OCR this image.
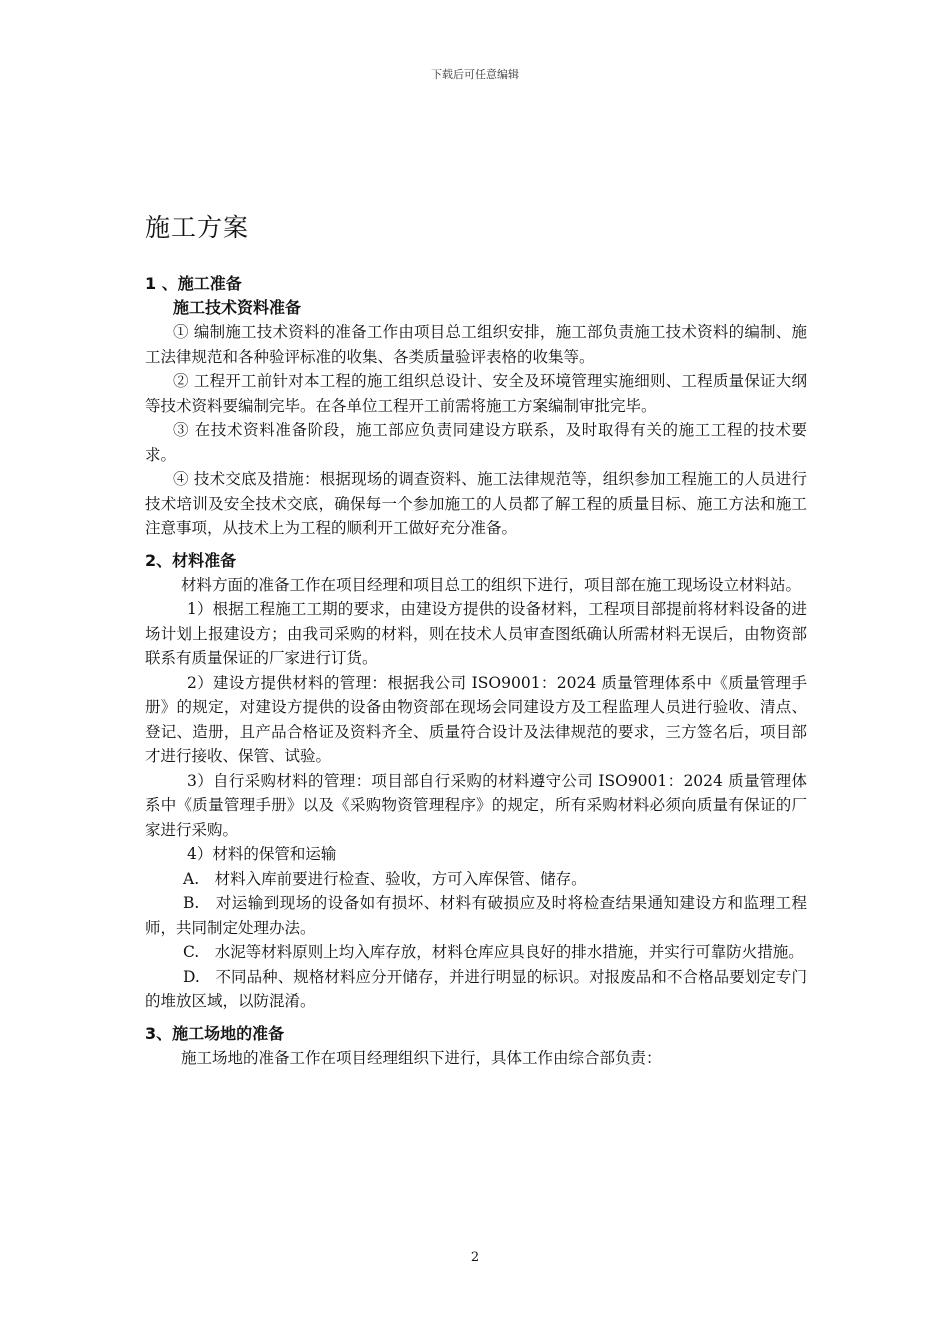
下载后可任意编辑
施工方案

1 、施工准备

施工技术资料准备

① 编制施工技术资料的准备工作由项目总工组织安排，施工部负责施工技术资料的编制、施工法律规范和各种验评标准的收集、各类质量验评表格的收集等。

② 工程开工前针对本工程的施工组织总设计、安全及环境管理实施细则、工程质量保证大纲等技术资料要编制完毕。在各单位工程开工前需将施工方案编制审批完毕。

③ 在技术资料准备阶段，施工部应负责同建设方联系，及时取得有关的施工工程的技术要求。

④ 技术交底及措施：根据现场的调查资料、施工法律规范等，组织参加工程施工的人员进行技术培训及安全技术交底，确保每一个参加施工的人员都了解工程的质量目标、施工方法和施工注意事项，从技术上为工程的顺利开工做好充分准备。

2、材料准备

材料方面的准备工作在项目经理和项目总工的组织下进行，项目部在施工现场设立材料站。

1）根据工程施工工期的要求，由建设方提供的设备材料，工程项目部提前将材料设备的进场计划上报建设方；由我司采购的材料，则在技术人员审查图纸确认所需材料无误后，由物资部联系有质量保证的厂家进行订货。

2）建设方提供材料的管理：根据我公司 ISO9001：2024 质量管理体系中《质量管理手册》的规定，对建设方提供的设备由物资部在现场会同建设方及工程监理人员进行验收、清点、登记、造册，且产品合格证及资料齐全、质量符合设计及法律规范的要求，三方签名后，项目部才进行接收、保管、试验。

3）自行采购材料的管理：项目部自行采购的材料遵守公司 ISO9001：2024 质量管理体系中《质量管理手册》以及《采购物资管理程序》的规定，所有采购材料必须向质量有保证的厂家进行采购。

4）材料的保管和运输

A.　材料入库前要进行检查、验收，方可入库保管、储存。

B.　对运输到现场的设备如有损坏、材料有破损应及时将检查结果通知建设方和监理工程师，共同制定处理办法。

C.　水泥等材料原则上均入库存放，材料仓库应具良好的排水措施，并实行可靠防火措施。

D.　不同品种、规格材料应分开储存，并进行明显的标识。对报废品和不合格品要划定专门的堆放区域，以防混淆。

3、施工场地的准备

施工场地的准备工作在项目经理组织下进行，具体工作由综合部负责：

2
